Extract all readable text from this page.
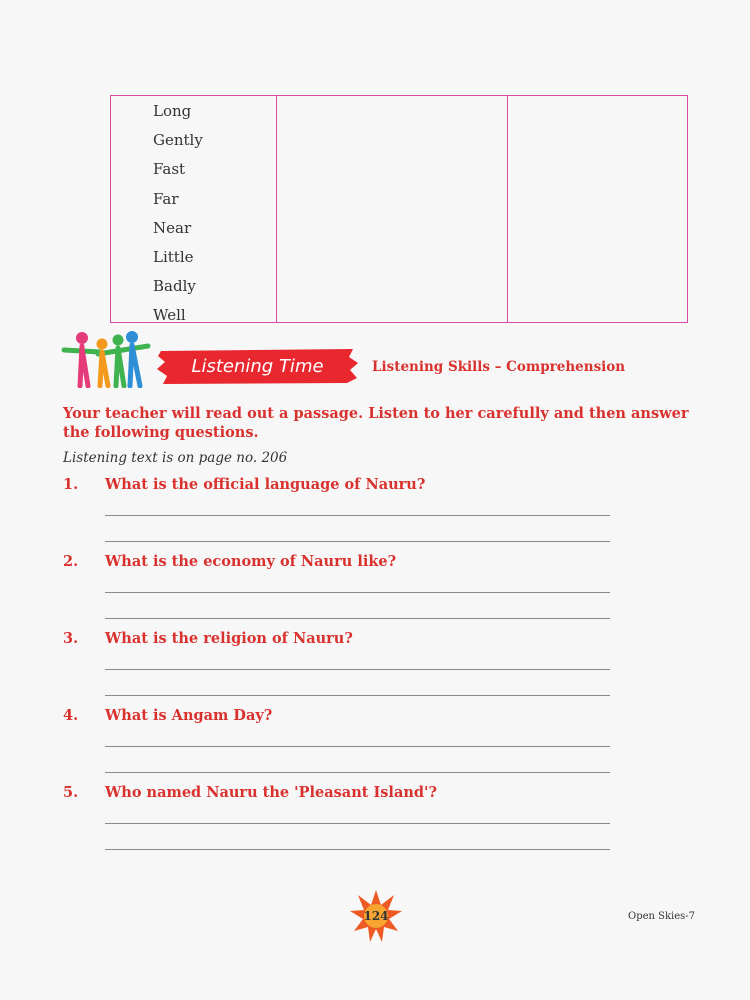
Long
Gently
Fast
Far
Near
Little
Badly
Well
Listening Time	Listening Skills – Comprehension
Your teacher will read out a passage. Listen to her carefully and then answer the following questions.
Listening text is on page no. 206
1. What is the official language of Nauru?
2. What is the economy of Nauru like?
3. What is the religion of Nauru?
4. What is Angam Day?
5. Who named Nauru the 'Pleasant Island'?
124	Open Skies-7
